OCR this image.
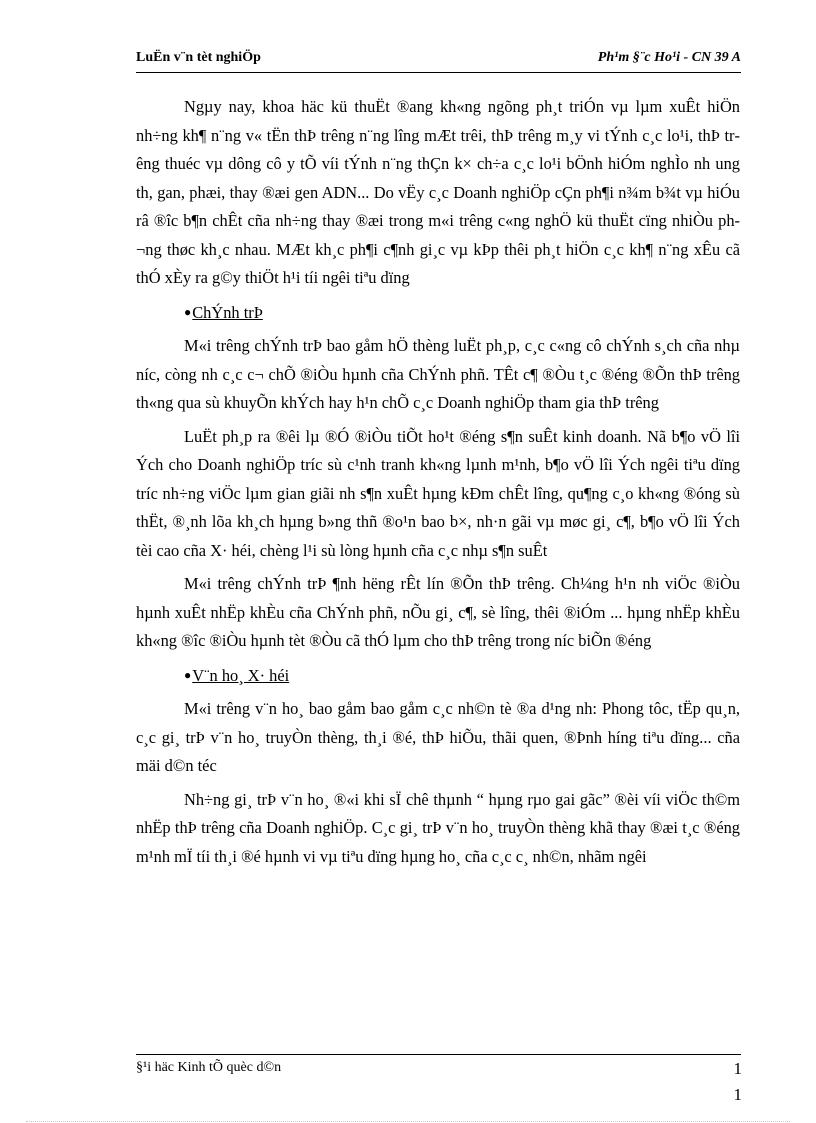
LuËn v¨n tèt nghiÖp	Ph¹m §¨c Ho¹i - CN 39 A

Ngµy nay, khoa häc kü thuËt ®ang kh«ng ngõng ph¸t triÓn vµ lµm xuÊt hiÖn nh÷ng kh¶ n¨ng v« tËn thÞ trêng n¨ng lîng mÆt trêi, thÞ trêng m¸y vi tÝnh c¸c lo¹i, thÞ trêng thuéc vµ dông cô y tÕ víi tÝnh n¨ng thÇn k× ch÷a c¸c lo¹i bÖnh hiÓm nghÌo nh ung th, gan, phæi, thay ®æi gen ADN... Do vËy c¸c Doanh nghiÖp cÇn ph¶i n¾m b¾t vµ hiÓu râ ®îc b¶n chÊt cña nh÷ng thay ®æi trong m«i trêng c«ng nghÖ kü thuËt cïng nhiÒu ph¬ng thøc kh¸c nhau. MÆt kh¸c ph¶i c¶nh gi¸c vµ kÞp thêi ph¸t hiÖn c¸c kh¶ n¨ng xÊu cã thÓ xÈy ra g©y thiÖt h¹i tíi ngêi tiªu dïng

●ChÝnh trÞ

M«i trêng chÝnh trÞ bao gåm hÖ thèng luËt ph¸p, c¸c c«ng cô chÝnh s¸ch cña nhµ níc, còng nh c¸c c¬ chÕ ®iÒu hµnh cña ChÝnh phñ. TÊt c¶ ®Òu t¸c ®éng ®Õn thÞ trêng th«ng qua sù khuyÕn khÝch hay h¹n chÕ c¸c Doanh nghiÖp tham gia thÞ trêng

LuËt ph¸p ra ®êi lµ ®Ó ®iÒu tiÕt ho¹t ®éng s¶n suÊt kinh doanh. Nã b¶o vÖ lîi Ých cho Doanh nghiÖp tríc sù c¹nh tranh kh«ng lµnh m¹nh, b¶o vÖ lîi Ých ngêi tiªu dïng tríc nh÷ng viÖc lµm gian giãi nh s¶n xuÊt hµng kÐm chÊt lîng, qu¶ng c¸o kh«ng ®óng sù thËt, ®¸nh lõa kh¸ch hµng b»ng thñ ®o¹n bao b×, nh·n gãi vµ møc gi¸ c¶, b¶o vÖ lîi Ých tèi cao cña X· héi, chèng l¹i sù lòng hµnh cña c¸c nhµ s¶n suÊt

M«i trêng chÝnh trÞ ¶nh hëng rÊt lín ®Õn thÞ trêng. Ch¼ng h¹n nh viÖc ®iÒu hµnh xuÊt nhËp khÈu cña ChÝnh phñ, nÕu gi¸ c¶, sè lîng, thêi ®iÓm ... hµng nhËp khÈu kh«ng ®îc ®iÒu hµnh tèt ®Òu cã thÓ lµm cho thÞ trêng trong níc biÕn ®éng

●V¨n ho¸ X· héi

M«i trêng v¨n ho¸ bao gåm bao gåm c¸c nh©n tè ®a d¹ng nh: Phong tôc, tËp qu¸n, c¸c gi¸ trÞ v¨n ho¸ truyÒn thèng, th¸i ®é, thÞ hiÕu, thãi quen, ®Þnh híng tiªu dïng... cña mäi d©n téc

Nh÷ng gi¸ trÞ v¨n ho¸ ®«i khi sÏ chê thµnh “ hµng rµo gai gãc” ®èi víi viÖc th©m nhËp thÞ trêng cña Doanh nghiÖp. C¸c gi¸ trÞ v¨n ho¸ truyÒn thèng khã thay ®æi t¸c ®éng m¹nh mÏ tíi th¸i ®é hµnh vi vµ tiªu dïng hµng ho¸ cña c¸c c¸ nh©n, nhãm ngêi

§¹i häc Kinh tÕ quèc d©n	1
1
